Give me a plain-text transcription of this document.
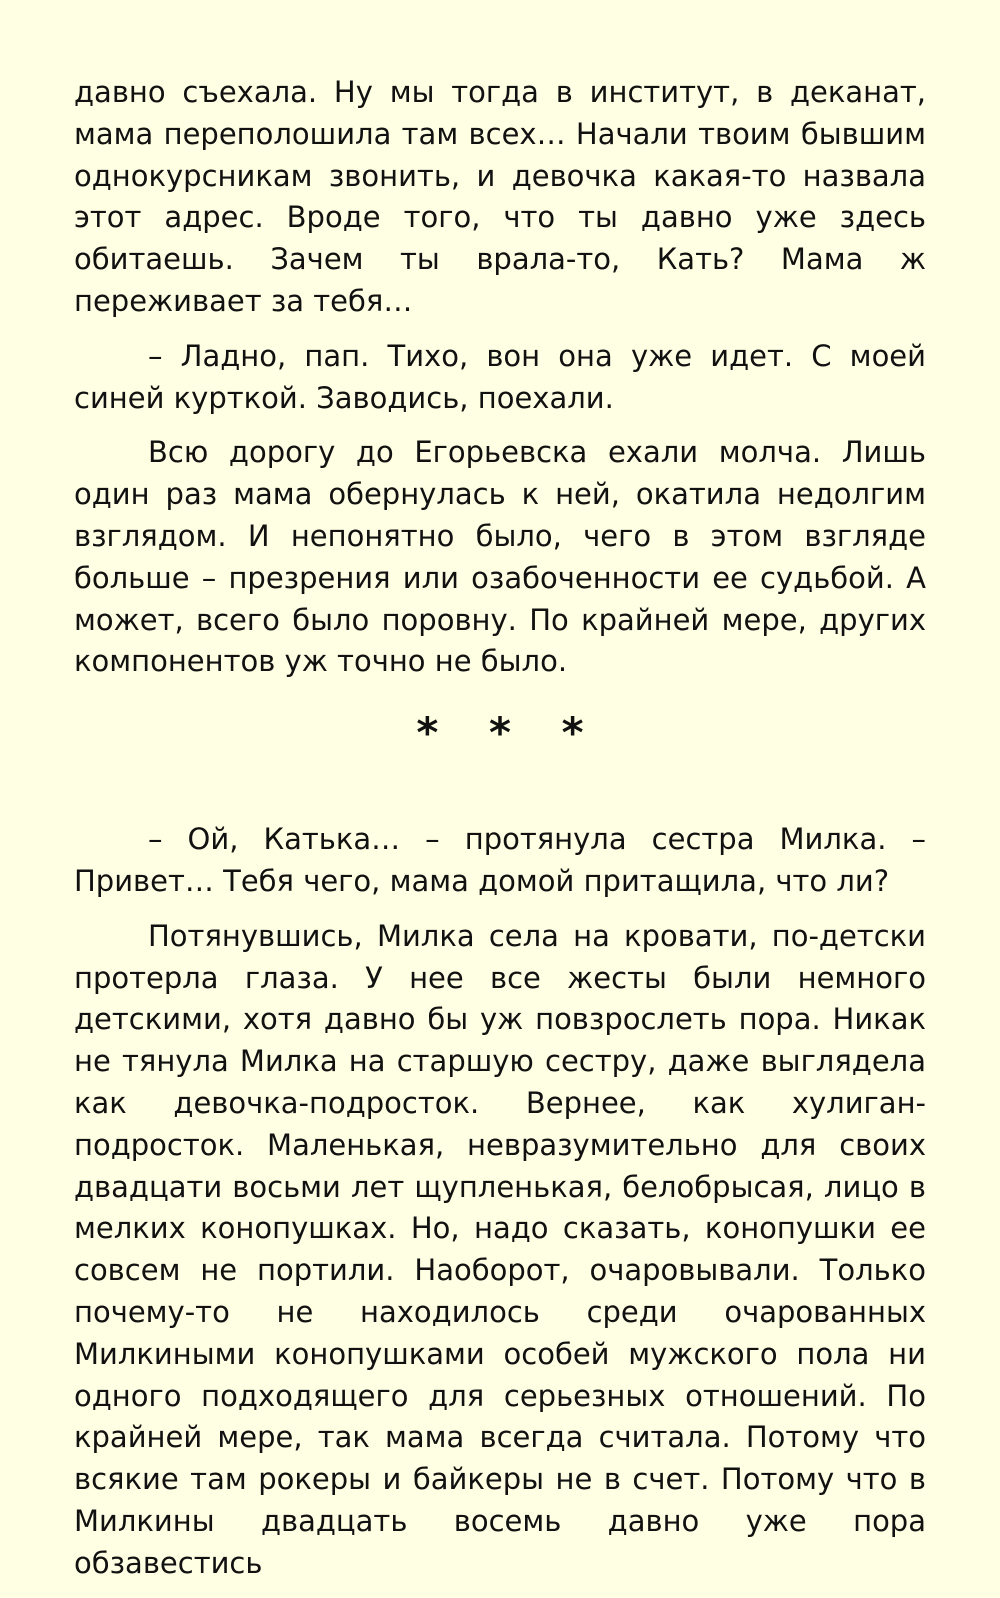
давно съехала. Ну мы тогда в институт, в деканат, мама переполошила там всех… Начали твоим бывшим однокурсникам звонить, и девочка какая-то назвала этот адрес. Вроде того, что ты давно уже здесь обитаешь. Зачем ты врала-то, Кать? Мама ж переживает за тебя…

– Ладно, пап. Тихо, вон она уже идет. С моей синей курткой. Заводись, поехали.

Всю дорогу до Егорьевска ехали молча. Лишь один раз мама обернулась к ней, окатила недолгим взглядом. И непонятно было, чего в этом взгляде больше – презрения или озабоченности ее судьбой. А может, всего было поровну. По крайней мере, других компонентов уж точно не было.

* * *

– Ой, Катька… – протянула сестра Милка. – Привет… Тебя чего, мама домой притащила, что ли?

Потянувшись, Милка села на кровати, по-детски протерла глаза. У нее все жесты были немного детскими, хотя давно бы уж повзрослеть пора. Никак не тянула Милка на старшую сестру, даже выглядела как девочка-подросток. Вернее, как хулиган-подросток. Маленькая, невразумительно для своих двадцати восьми лет щупленькая, белобрысая, лицо в мелких конопушках. Но, надо сказать, конопушки ее совсем не портили. Наоборот, очаровывали. Только почему-то не находилось среди очарованных Милкиными конопушками особей мужского пола ни одного подходящего для серьезных отношений. По крайней мере, так мама всегда считала. Потому что всякие там рокеры и байкеры не в счет. Потому что в Милкины двадцать восемь давно уже пора обзавестись
